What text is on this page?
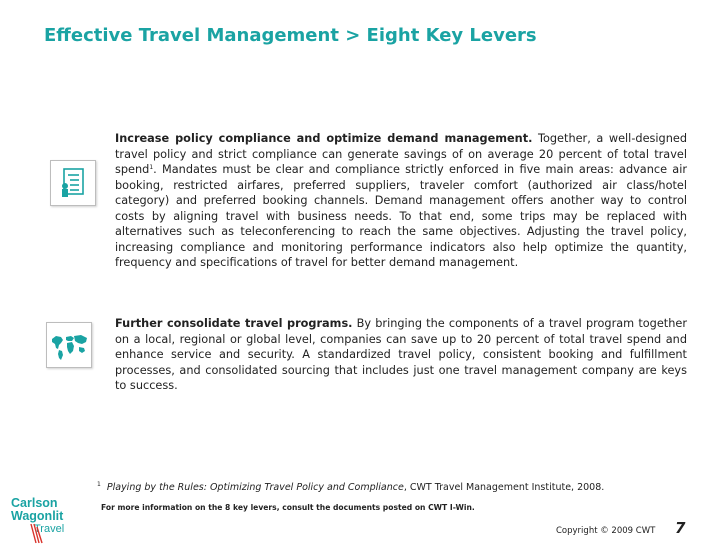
Effective Travel Management > Eight Key Levers

Increase policy compliance and optimize demand management. Together, a well-designed travel policy and strict compliance can generate savings of on average 20 percent of total travel spend$^1$. Mandates must be clear and compliance strictly enforced in five main areas: advance air booking, restricted airfares, preferred suppliers, traveler comfort (authorized air class/hotel category) and preferred booking channels. Demand management offers another way to control costs by aligning travel with business needs. To that end, some trips may be replaced with alternatives such as teleconferencing to reach the same objectives. Adjusting the travel policy, increasing compliance and monitoring performance indicators also help optimize the quantity, frequency and specifications of travel for better demand management.

Further consolidate travel programs. By bringing the components of a travel program together on a local, regional or global level, companies can save up to 20 percent of total travel spend and enhance service and security. A standardized travel policy, consistent booking and fulfillment processes, and consolidated sourcing that includes just one travel management company are keys to success.

$^1$ Playing by the Rules: Optimizing Travel Policy and Compliance, CWT Travel Management Institute, 2008.

For more information on the 8 key levers, consult the documents posted on CWT I-Win.
Carlson
Wagonlit
Travel	Copyright © 2009 CWT 7
